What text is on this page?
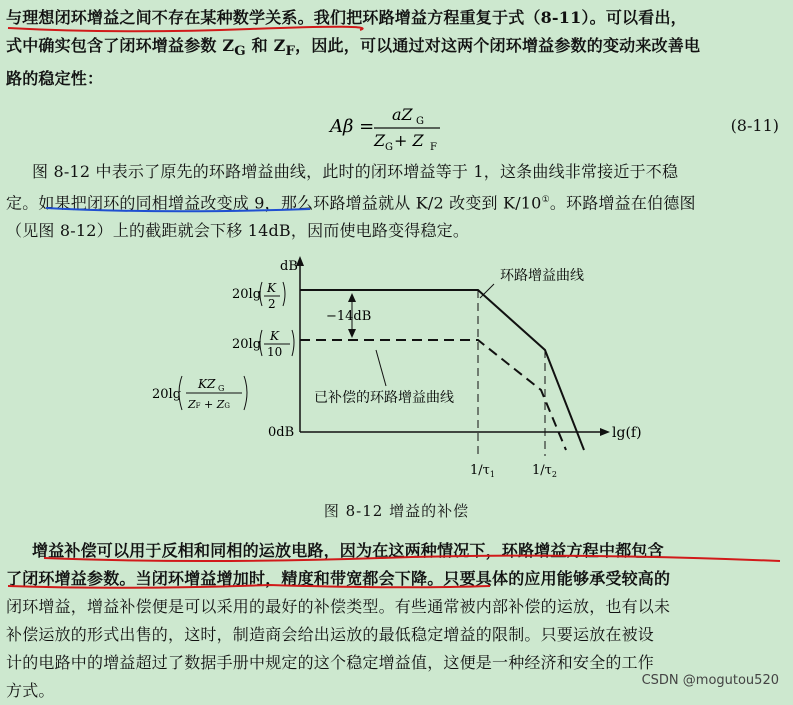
与理想闭环增益之间不存在某种数学关系。我们把环路增益方程重复于式（8-11）。可以看出，
式中确实包含了闭环增益参数 $Z_G$ 和 $Z_F$，因此，可以通过对这两个闭环增益参数的变动来改善电
路的稳定性：
Aβ =
aZ G
Z G + Z F
(8-11)
图 8-12 中表示了原先的环路增益曲线，此时的闭环增益等于 1，这条曲线非常接近于不稳
定。如果把闭环的同相增益改变成 9，那么环路增益就从 K/2 改变到 K/10①。环路增益在伯德图
（见图 8-12）上的截距就会下移 14dB，因而使电路变得稳定。
dB
0dB	lg(f)
20lg K
2
20lg
K
10
20lg
KZ G
ZF + ZG
−14dB
$1/\tau_1$	$1/\tau_2$
环路增益曲线
已补偿的环路增益曲线
图 8-12 增益的补偿
增益补偿可以用于反相和同相的运放电路，因为在这两种情况下，环路增益方程中都包含
了闭环增益参数。当闭环增益增加时，精度和带宽都会下降。只要具体的应用能够承受较高的
闭环增益，增益补偿便是可以采用的最好的补偿类型。有些通常被内部补偿的运放，也有以未
补偿运放的形式出售的，这时，制造商会给出运放的最低稳定增益的限制。只要运放在被设
计的电路中的增益超过了数据手册中规定的这个稳定增益值，这便是一种经济和安全的工作
方式。
CSDN @mogutou520
